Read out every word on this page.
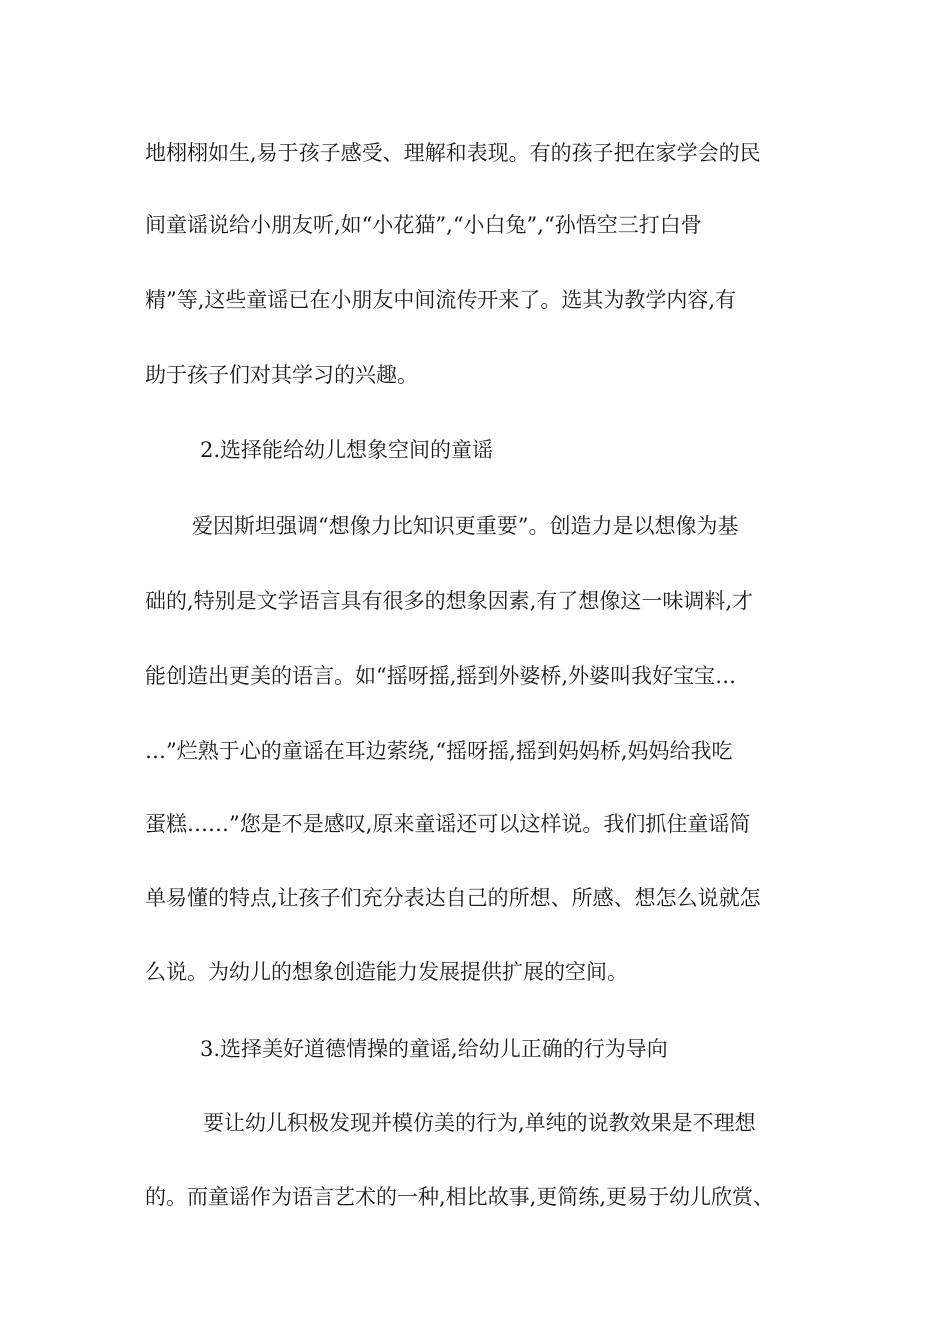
地栩栩如生,易于孩子感受、理解和表现。有的孩子把在家学会的民
间童谣说给小朋友听,如“小花猫”,“小白兔”,“孙悟空三打白骨
精”等,这些童谣已在小朋友中间流传开来了。选其为教学内容,有
助于孩子们对其学习的兴趣。
2.选择能给幼儿想象空间的童谣
爱因斯坦强调“想像力比知识更重要”。创造力是以想像为基
础的,特别是文学语言具有很多的想象因素,有了想像这一味调料,才
能创造出更美的语言。如“摇呀摇,摇到外婆桥,外婆叫我好宝宝…
…”烂熟于心的童谣在耳边萦绕,“摇呀摇,摇到妈妈桥,妈妈给我吃
蛋糕……”您是不是感叹,原来童谣还可以这样说。我们抓住童谣简
单易懂的特点,让孩子们充分表达自己的所想、所感、想怎么说就怎
么说。为幼儿的想象创造能力发展提供扩展的空间。
3.选择美好道德情操的童谣,给幼儿正确的行为导向
要让幼儿积极发现并模仿美的行为,单纯的说教效果是不理想
的。而童谣作为语言艺术的一种,相比故事,更简练,更易于幼儿欣赏、
